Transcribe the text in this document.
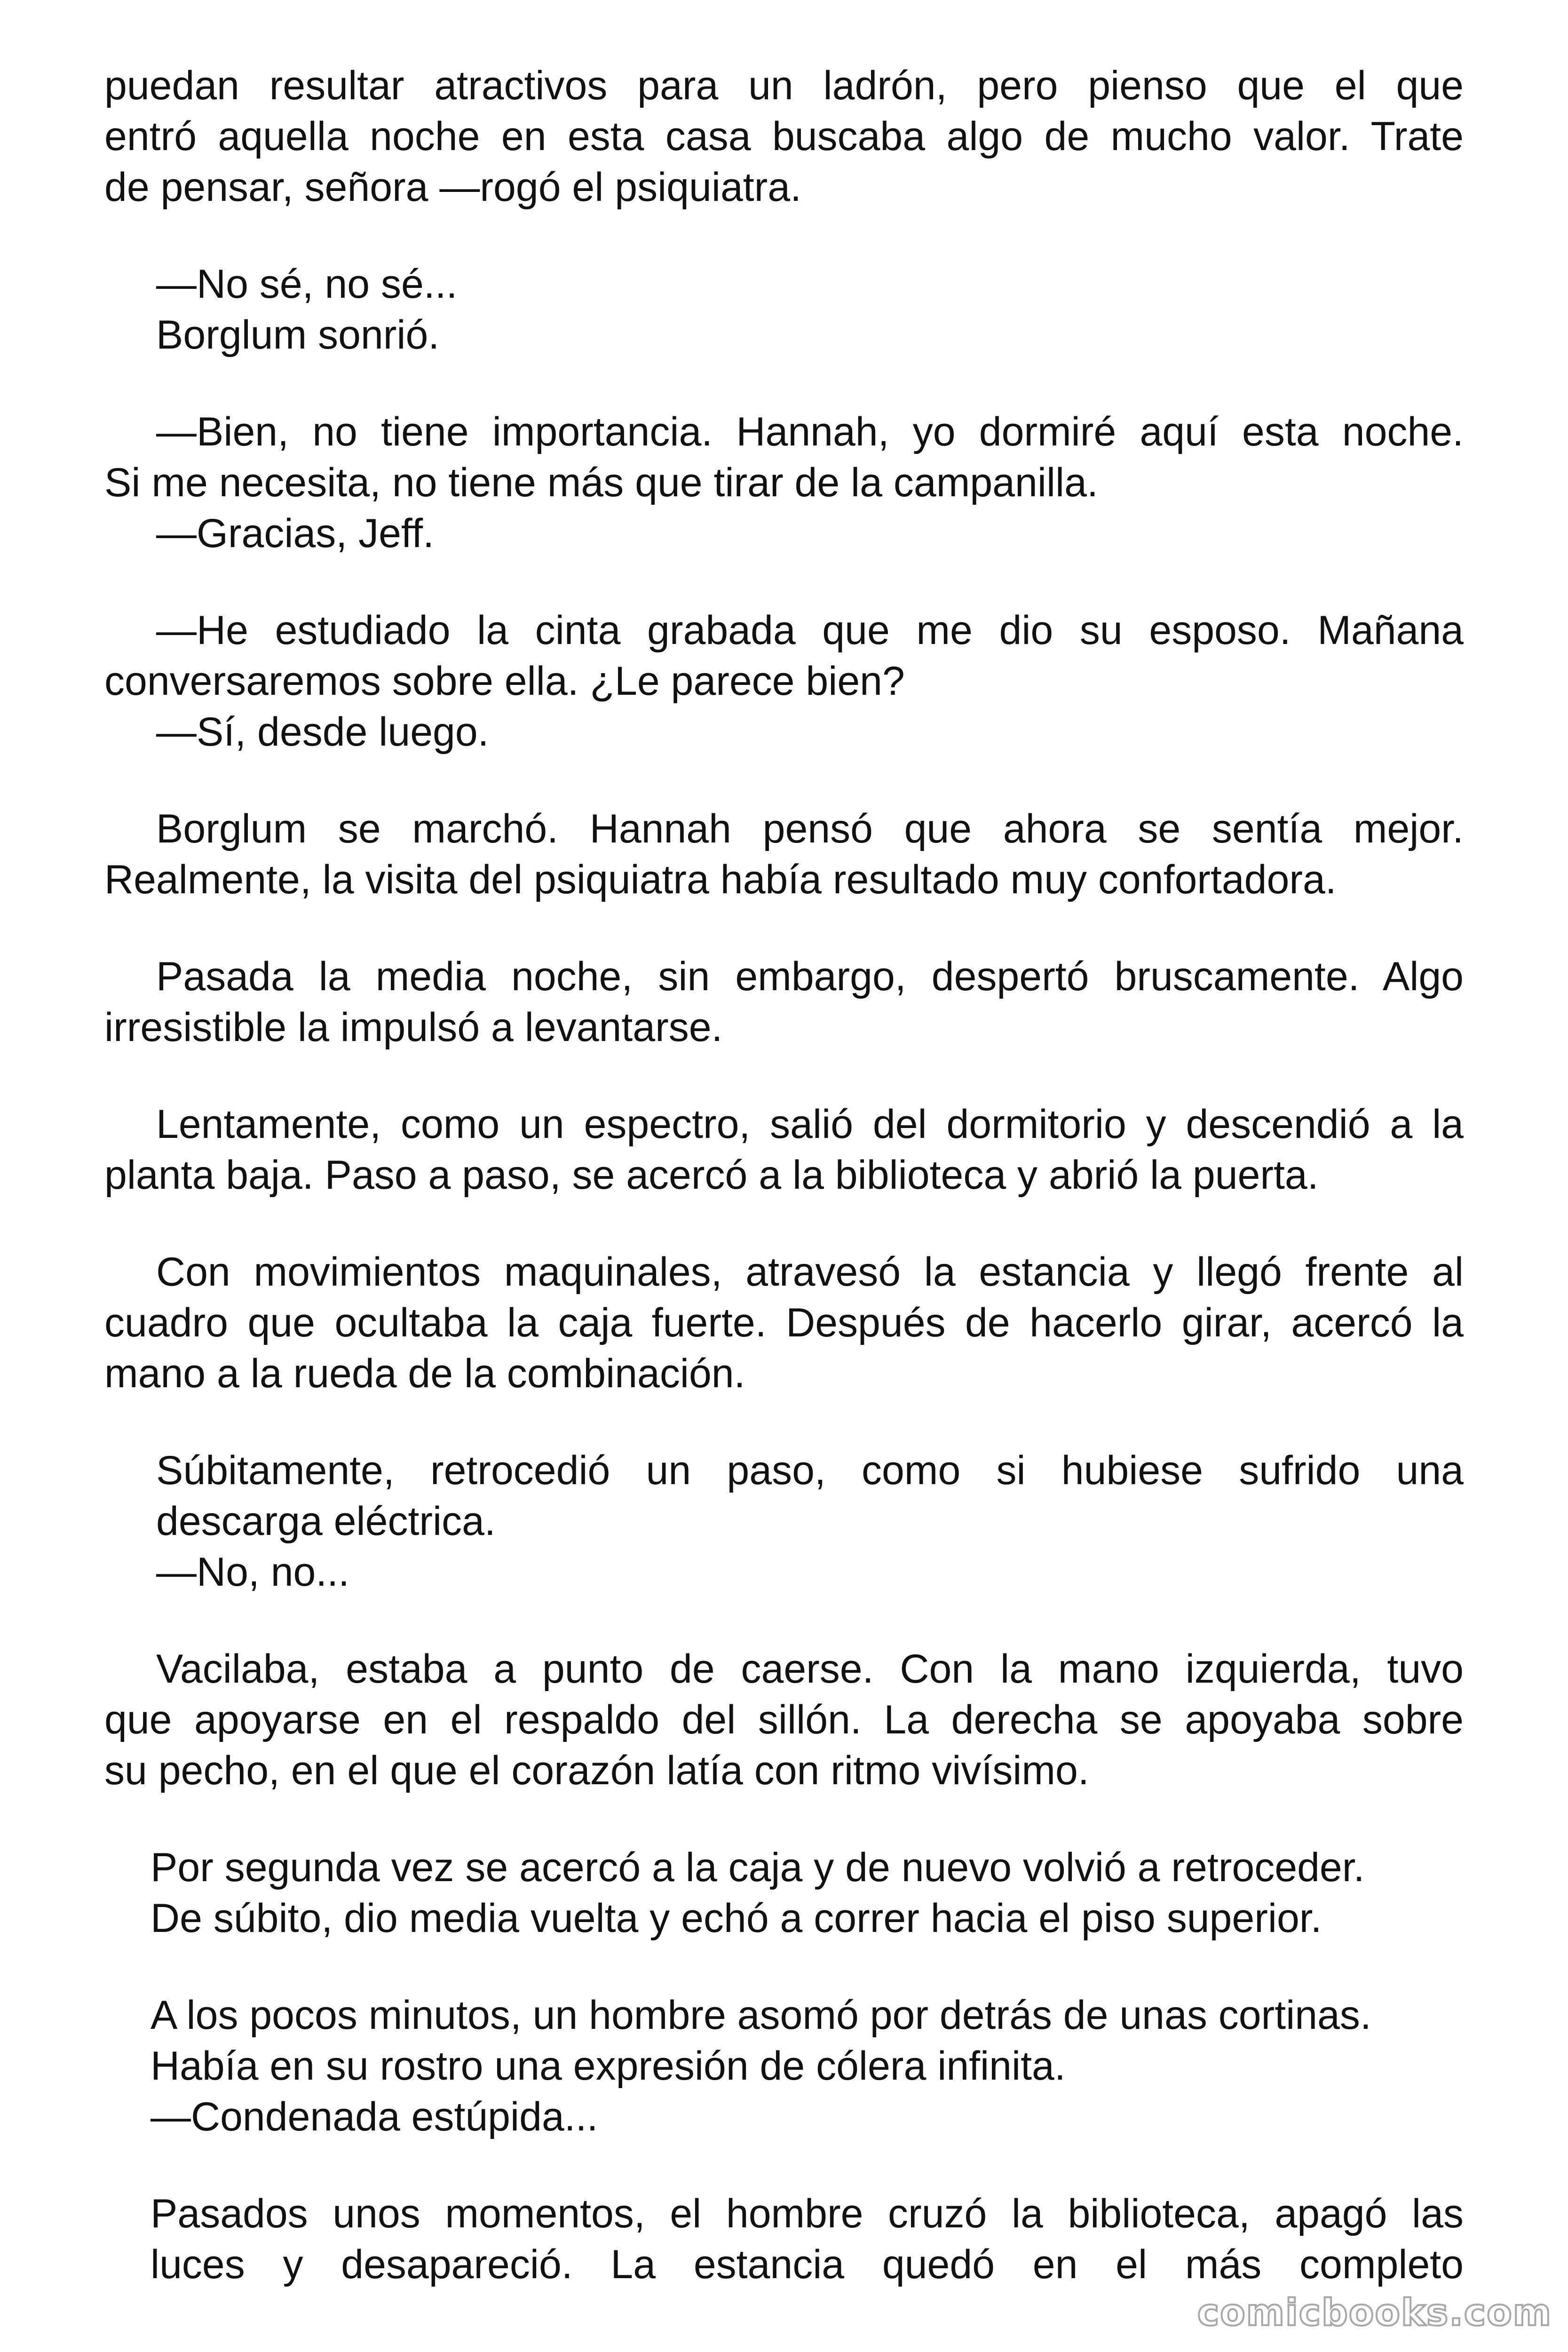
puedan resultar atractivos para un ladrón, pero pienso que el que
entró aquella noche en esta casa buscaba algo de mucho valor. Trate
de pensar, señora —rogó el psiquiatra.
—No sé, no sé...
Borglum sonrió.
—Bien, no tiene importancia. Hannah, yo dormiré aquí esta noche.
Si me necesita, no tiene más que tirar de la campanilla.
—Gracias, Jeff.
—He estudiado la cinta grabada que me dio su esposo. Mañana
conversaremos sobre ella. ¿Le parece bien?
—Sí, desde luego.
Borglum se marchó. Hannah pensó que ahora se sentía mejor.
Realmente, la visita del psiquiatra había resultado muy confortadora.
Pasada la media noche, sin embargo, despertó bruscamente. Algo
irresistible la impulsó a levantarse.
Lentamente, como un espectro, salió del dormitorio y descendió a la
planta baja. Paso a paso, se acercó a la biblioteca y abrió la puerta.
Con movimientos maquinales, atravesó la estancia y llegó frente al
cuadro que ocultaba la caja fuerte. Después de hacerlo girar, acercó la
mano a la rueda de la combinación.
Súbitamente, retrocedió un paso, como si hubiese sufrido una
descarga eléctrica.
—No, no...
Vacilaba, estaba a punto de caerse. Con la mano izquierda, tuvo
que apoyarse en el respaldo del sillón. La derecha se apoyaba sobre
su pecho, en el que el corazón latía con ritmo vivísimo.
Por segunda vez se acercó a la caja y de nuevo volvió a retroceder.
De súbito, dio media vuelta y echó a correr hacia el piso superior.
A los pocos minutos, un hombre asomó por detrás de unas cortinas.
Había en su rostro una expresión de cólera infinita.
—Condenada estúpida...
Pasados unos momentos, el hombre cruzó la biblioteca, apagó las
luces y desapareció. La estancia quedó en el más completo
comicbooks.com
